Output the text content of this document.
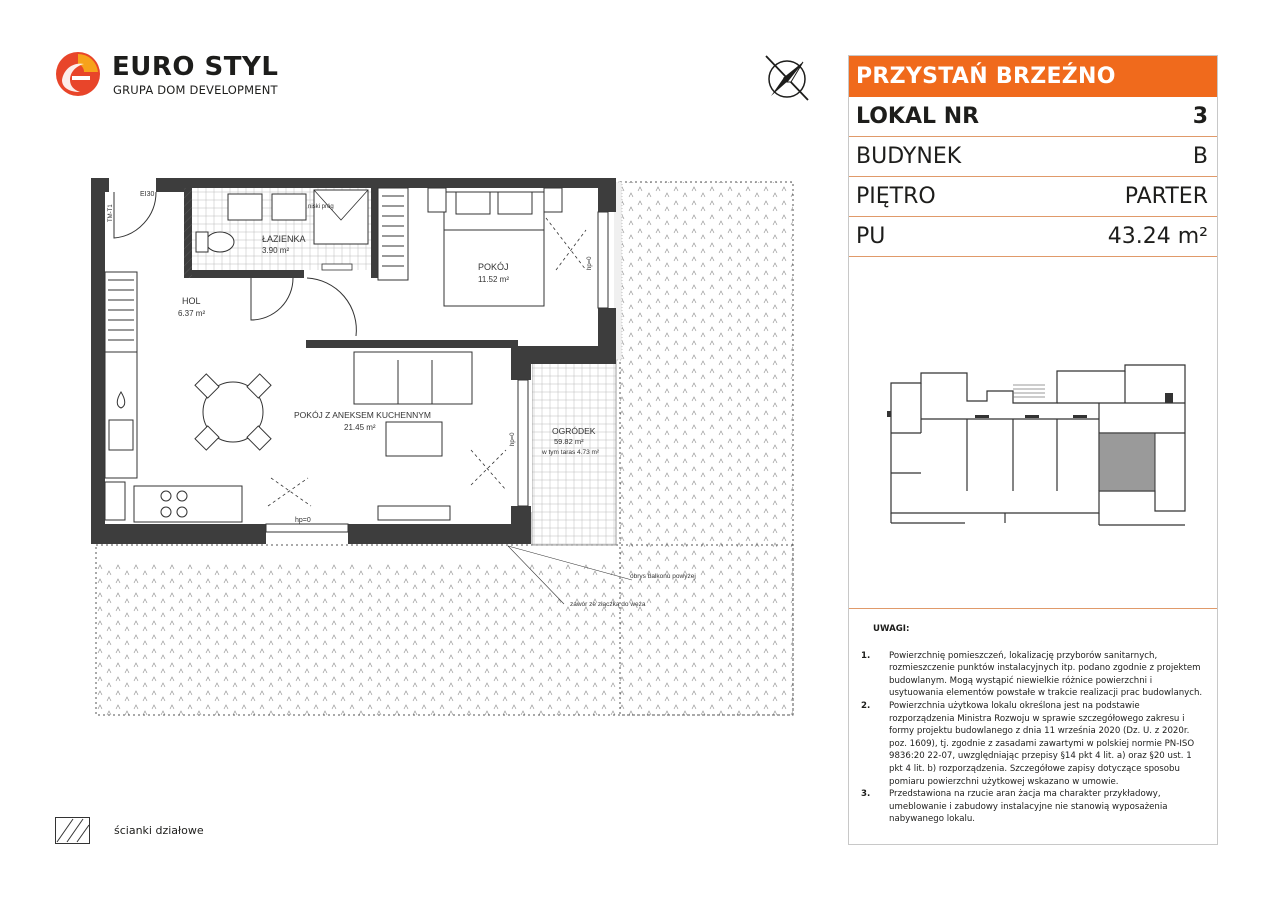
EURO STYL
GRUPA DOM DEVELOPMENT
ŁAZIENKA
3.90 m²
POKÓJ
11.52 m²
HOL
6.37 m²
POKÓJ Z ANEKSEM KUCHENNYM
21.45 m²	OGRÓDEK
59.82 m²
w tym taras 4.73 m²
EI30
TM-T1	niski próg
hp=0
hp=0
hp=0
obrys balkonu powyżej
zawór ze złączką do węża
ścianki działowe
PRZYSTAŃ BRZEŹNO
LOKAL NR	3
BUDYNEK	B
PIĘTRO	PARTER
PU	43.24 m²
UWAGI:
1.	Powierzchnię pomieszczeń, lokalizację przyborów sanitarnych, rozmieszczenie punktów instalacyjnych itp. podano zgodnie z projektem budowlanym. Mogą wystąpić niewielkie różnice powierzchni i usytuowania elementów powstałe w trakcie realizacji prac budowlanych.
2.	Powierzchnia użytkowa lokalu określona jest na podstawie rozporządzenia Ministra Rozwoju w sprawie szczegółowego zakresu i formy projektu budowlanego z dnia 11 września 2020 (Dz. U. z 2020r. poz. 1609), tj. zgodnie z zasadami zawartymi w polskiej normie PN-ISO 9836:20 22-07, uwzględniając przepisy §14 pkt 4 lit. a) oraz §20 ust. 1 pkt 4 lit. b) rozporządzenia. Szczegółowe zapisy dotyczące sposobu pomiaru powierzchni użytkowej wskazano w umowie.
3.	Przedstawiona na rzucie aran żacja ma charakter przykładowy, umeblowanie i zabudowy instalacyjne nie stanowią wyposażenia nabywanego lokalu.
